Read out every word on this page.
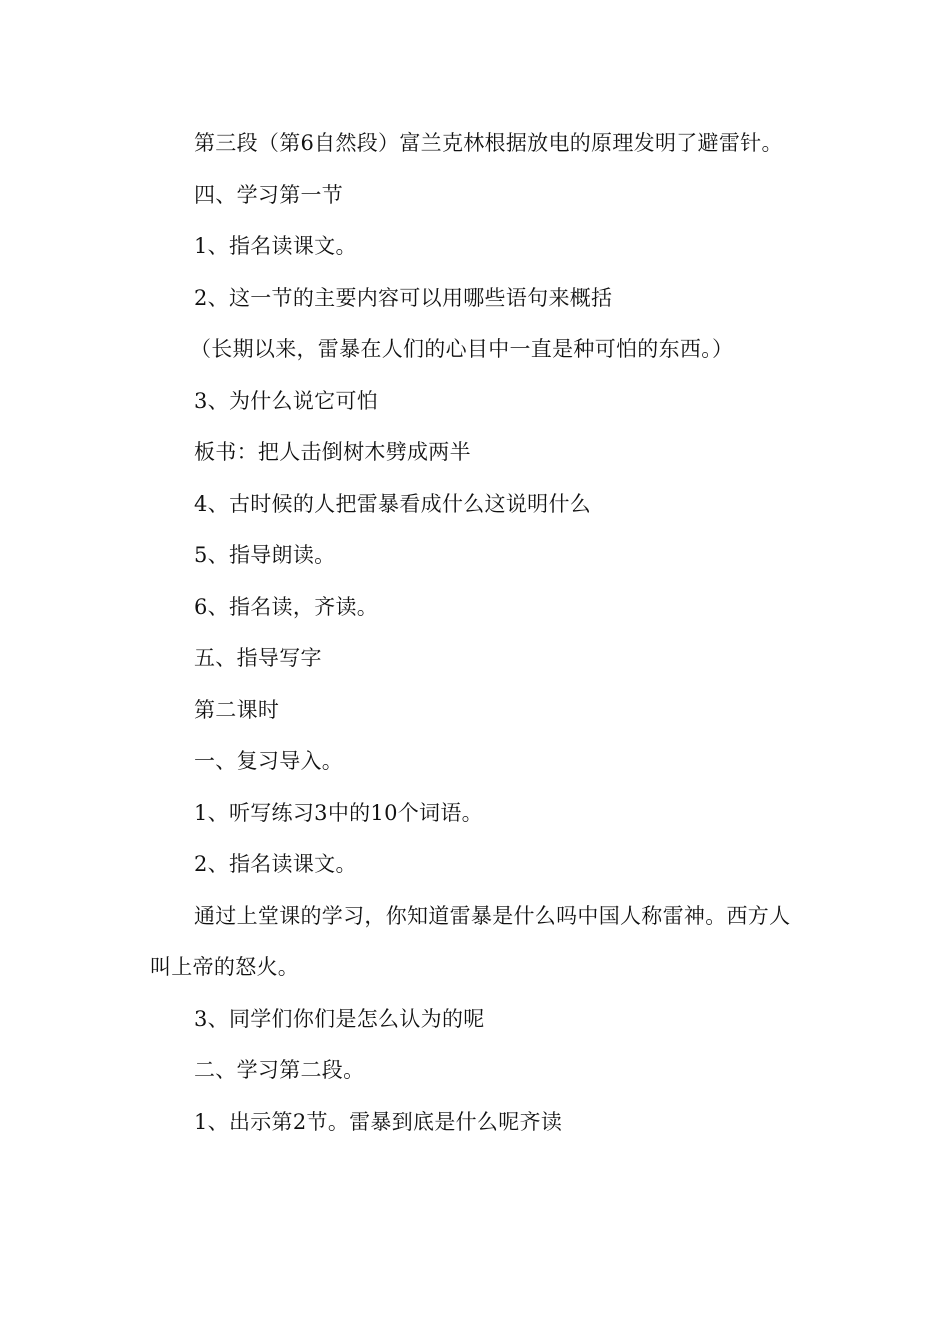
第三段（第6自然段）富兰克林根据放电的原理发明了避雷针。

四、学习第一节

1、指名读课文。

2、这一节的主要内容可以用哪些语句来概括

（长期以来，雷暴在人们的心目中一直是种可怕的东西。）

3、为什么说它可怕

板书：把人击倒树木劈成两半

4、古时候的人把雷暴看成什么这说明什么

5、指导朗读。

6、指名读，齐读。

五、指导写字

第二课时

一、复习导入。

1、听写练习3中的10个词语。

2、指名读课文。

通过上堂课的学习，你知道雷暴是什么吗中国人称雷神。西方人叫上帝的怒火。

3、同学们你们是怎么认为的呢

二、学习第二段。

1、出示第2节。雷暴到底是什么呢齐读
